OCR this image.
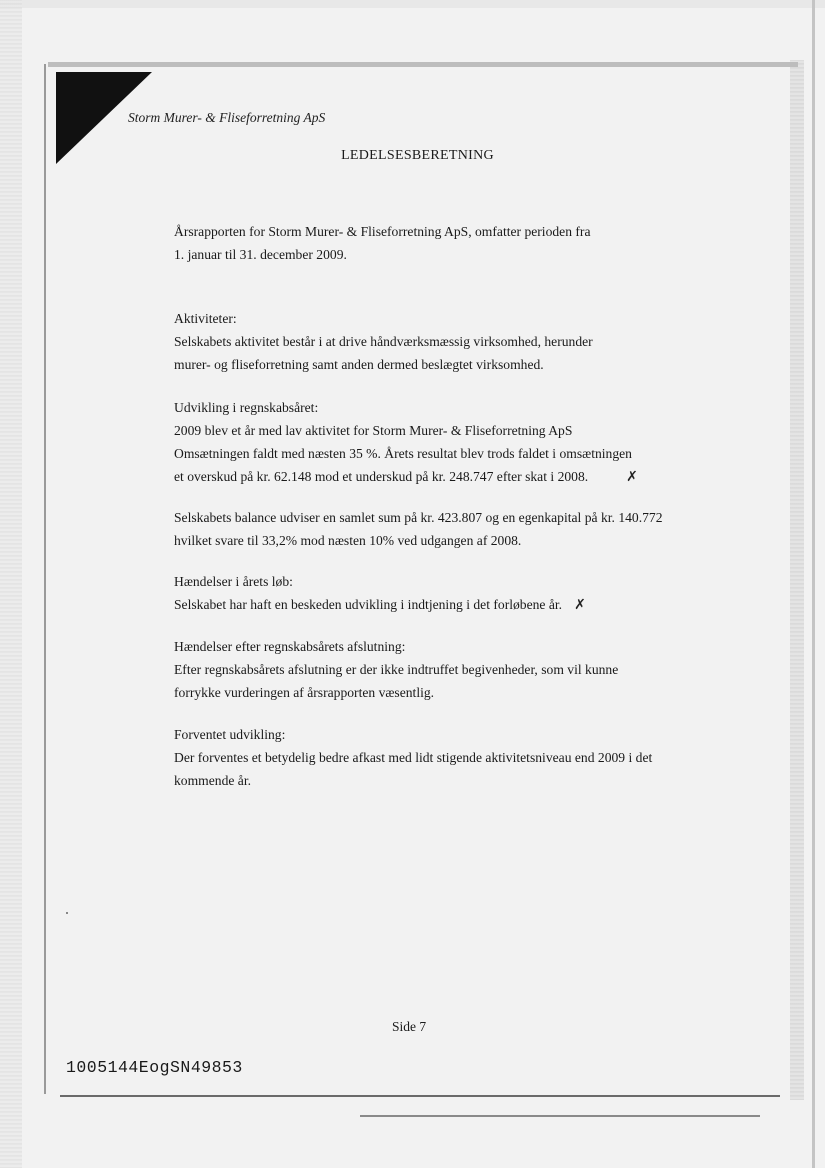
Storm Murer- & Fliseforretning ApS
LEDELSESBERETNING

Årsrapporten for Storm Murer- & Fliseforretning ApS, omfatter perioden fra

1. januar til 31. december 2009.

Aktiviteter:

Selskabets aktivitet består i at drive håndværksmæssig virksomhed, herunder

murer- og fliseforretning samt anden dermed beslægtet virksomhed.

Udvikling i regnskabsåret:

2009 blev et år med lav aktivitet for Storm Murer- & Fliseforretning ApS

Omsætningen faldt med næsten 35 %. Årets resultat blev trods faldet i omsætningen

et overskud på kr. 62.148 mod et underskud på kr. 248.747 efter skat i 2008.	✗

Selskabets balance udviser en samlet sum på kr. 423.807 og en egenkapital på kr. 140.772

hvilket svare til 33,2% mod næsten 10% ved udgangen af 2008.

Hændelser i årets løb:

Selskabet har haft en beskeden udvikling i indtjening i det forløbene år. ✗

Hændelser efter regnskabsårets afslutning:

Efter regnskabsårets afslutning er der ikke indtruffet begivenheder, som vil kunne

forrykke vurderingen af årsrapporten væsentlig.

Forventet udvikling:

Der forventes et betydelig bedre afkast med lidt stigende aktivitetsniveau end 2009 i det

kommende år.

Side 7
1005144EogSN49853
